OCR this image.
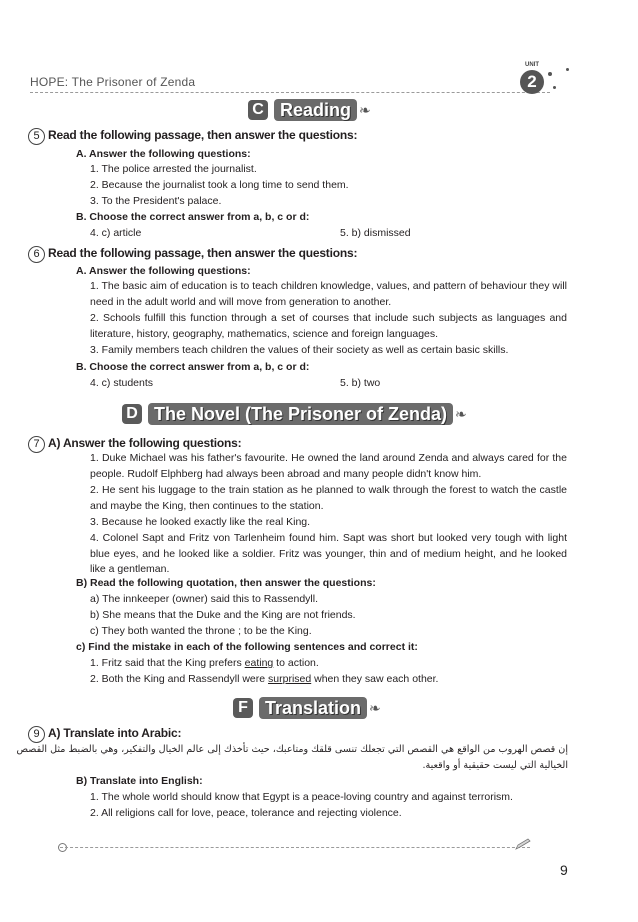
HOPE: The Prisoner of Zenda
UNIT
2
C Reading ❧
5 Read the following passage, then answer the questions:
A. Answer the following questions:
1. The police arrested the journalist.
2. Because the journalist took a long time to send them.
3. To the President's palace.
B. Choose the correct answer from a, b, c or d:
4. c) article	5. b) dismissed
6 Read the following passage, then answer the questions:
A. Answer the following questions:
1. The basic aim of education is to teach children knowledge, values, and pattern of behaviour they will need in the adult world and will move from generation to another.
2. Schools fulfill this function through a set of courses that include such subjects as languages and literature, history, geography, mathematics, science and foreign languages.
3. Family members teach children the values of their society as well as certain basic skills.
B. Choose the correct answer from a, b, c or d:
4. c) students	5. b) two
D The Novel (The Prisoner of Zenda) ❧
7 A) Answer the following questions:
1. Duke Michael was his father's favourite. He owned the land around Zenda and always cared for the people. Rudolf Elphberg had always been abroad and many people didn't know him.
2. He sent his luggage to the train station as he planned to walk through the forest to watch the castle and maybe the King, then continues to the station.
3. Because he looked exactly like the real King.
4. Colonel Sapt and Fritz von Tarlenheim found him. Sapt was short but looked very tough with light blue eyes, and he looked like a soldier. Fritz was younger, thin and of medium height, and he looked like a gentleman.
B) Read the following quotation, then answer the questions:
a) The innkeeper (owner) said this to Rassendyll.
b) She means that the Duke and the King are not friends.
c) They both wanted the throne ; to be the King.
c) Find the mistake in each of the following sentences and correct it:
1. Fritz said that the King prefers eating to action.
2. Both the King and Rassendyll were surprised when they saw each other.
F Translation ❧
9 A) Translate into Arabic:
إن قصص الهروب من الواقع هي القصص التي تجعلك تنسى قلقك ومتاعبك، حيث تأخذك إلى عالم الخيال والتفكير، وهي بالضبط مثل القصص
الخيالية التي ليست حقيقية أو واقعية.
B) Translate into English:
1. The whole world should know that Egypt is a peace-loving country and against terrorism.
2. All religions call for love, peace, tolerance and rejecting violence.
9
